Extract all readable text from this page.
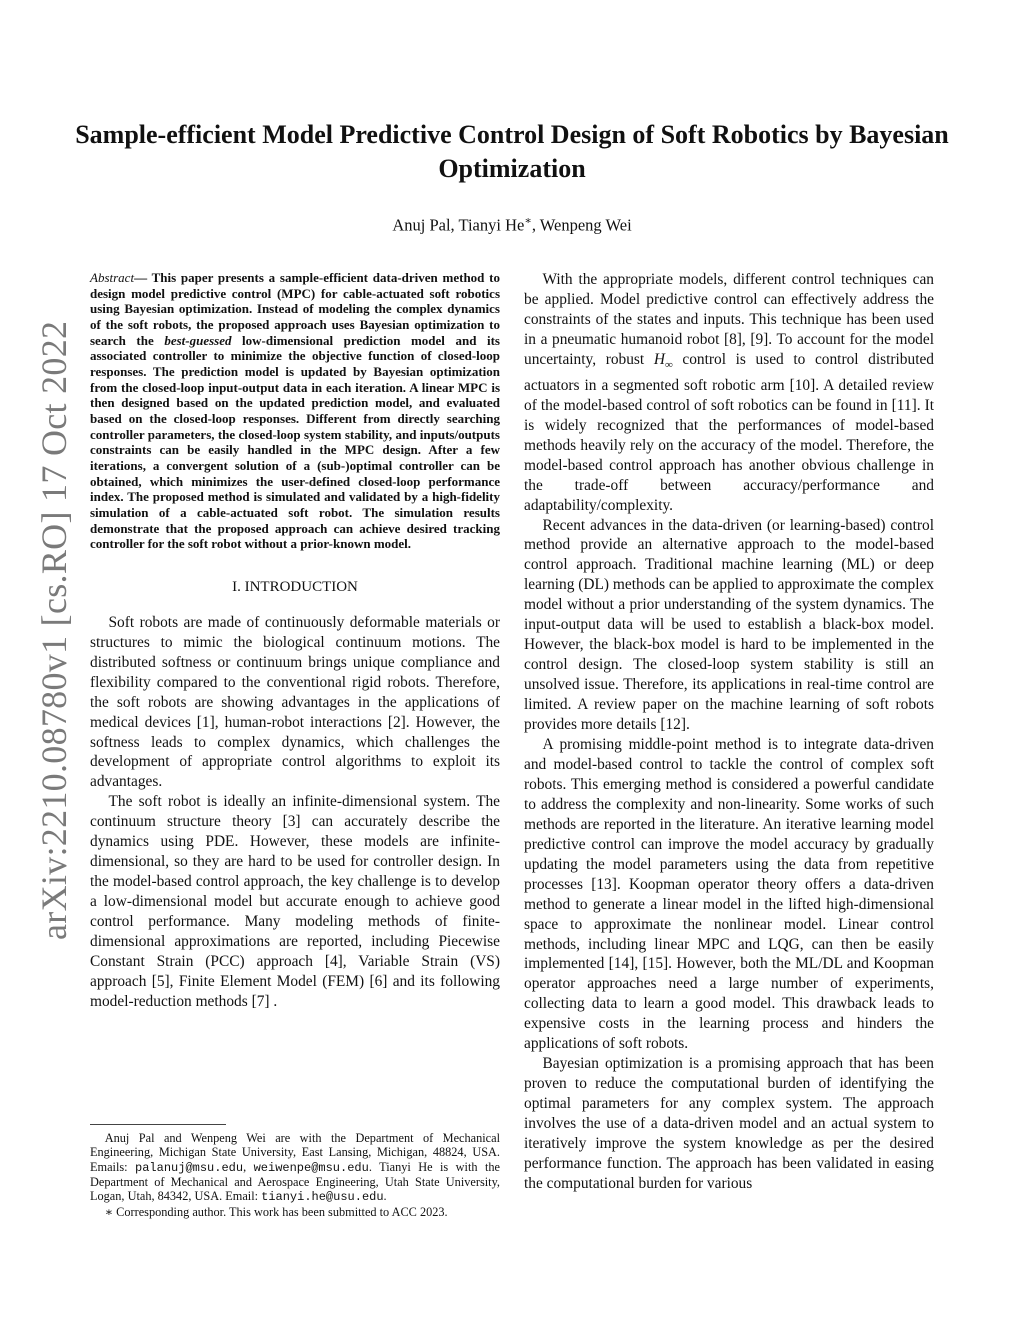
arXiv:2210.08780v1 [cs.RO] 17 Oct 2022
Sample-efficient Model Predictive Control Design of Soft Robotics by Bayesian Optimization
Anuj Pal, Tianyi He∗, Wenpeng Wei

Abstract— This paper presents a sample-efficient data-driven method to design model predictive control (MPC) for cable-actuated soft robotics using Bayesian optimization. Instead of modeling the complex dynamics of the soft robots, the proposed approach uses Bayesian optimization to search the best-guessed low-dimensional prediction model and its associated controller to minimize the objective function of closed-loop responses. The prediction model is updated by Bayesian optimization from the closed-loop input-output data in each iteration. A linear MPC is then designed based on the updated prediction model, and evaluated based on the closed-loop responses. Different from directly searching controller parameters, the closed-loop system stability, and inputs/outputs constraints can be easily handled in the MPC design. After a few iterations, a convergent solution of a (sub-)optimal controller can be obtained, which minimizes the user-defined closed-loop performance index. The proposed method is simulated and validated by a high-fidelity simulation of a cable-actuated soft robot. The simulation results demonstrate that the proposed approach can achieve desired tracking controller for the soft robot without a prior-known model.

I. INTRODUCTION

Soft robots are made of continuously deformable materials or structures to mimic the biological continuum motions. The distributed softness or continuum brings unique compliance and flexibility compared to the conventional rigid robots. Therefore, the soft robots are showing advantages in the applications of medical devices [1], human-robot interactions [2]. However, the softness leads to complex dynamics, which challenges the development of appropriate control algorithms to exploit its advantages.

The soft robot is ideally an infinite-dimensional system. The continuum structure theory [3] can accurately describe the dynamics using PDE. However, these models are infinite-dimensional, so they are hard to be used for controller design. In the model-based control approach, the key challenge is to develop a low-dimensional model but accurate enough to achieve good control performance. Many modeling methods of finite-dimensional approximations are reported, including Piecewise Constant Strain (PCC) approach [4], Variable Strain (VS) approach [5], Finite Element Model (FEM) [6] and its following model-reduction methods [7] .

Anuj Pal and Wenpeng Wei are with the Department of Mechanical Engineering, Michigan State University, East Lansing, Michigan, 48824, USA. Emails: palanuj@msu.edu, weiwenpe@msu.edu. Tianyi He is with the Department of Mechanical and Aerospace Engineering, Utah State University, Logan, Utah, 84342, USA. Email: tianyi.he@usu.edu.

∗ Corresponding author. This work has been submitted to ACC 2023.

With the appropriate models, different control techniques can be applied. Model predictive control can effectively address the constraints of the states and inputs. This technique has been used in a pneumatic humanoid robot [8], [9]. To account for the model uncertainty, robust $H_\infty$ control is used to control distributed actuators in a segmented soft robotic arm [10]. A detailed review of the model-based control of soft robotics can be found in [11]. It is widely recognized that the performances of model-based methods heavily rely on the accuracy of the model. Therefore, the model-based control approach has another obvious challenge in the trade-off between accuracy/performance and adaptability/complexity.

Recent advances in the data-driven (or learning-based) control method provide an alternative approach to the model-based control approach. Traditional machine learning (ML) or deep learning (DL) methods can be applied to approximate the complex model without a prior understanding of the system dynamics. The input-output data will be used to establish a black-box model. However, the black-box model is hard to be implemented in the control design. The closed-loop system stability is still an unsolved issue. Therefore, its applications in real-time control are limited. A review paper on the machine learning of soft robots provides more details [12].

A promising middle-point method is to integrate data-driven and model-based control to tackle the control of complex soft robots. This emerging method is considered a powerful candidate to address the complexity and non-linearity. Some works of such methods are reported in the literature. An iterative learning model predictive control can improve the model accuracy by gradually updating the model parameters using the data from repetitive processes [13]. Koopman operator theory offers a data-driven method to generate a linear model in the lifted high-dimensional space to approximate the nonlinear model. Linear control methods, including linear MPC and LQG, can then be easily implemented [14], [15]. However, both the ML/DL and Koopman operator approaches need a large number of experiments, collecting data to learn a good model. This drawback leads to expensive costs in the learning process and hinders the applications of soft robots.

Bayesian optimization is a promising approach that has been proven to reduce the computational burden of identifying the optimal parameters for any complex system. The approach involves the use of a data-driven model and an actual system to iteratively improve the system knowledge as per the desired performance function. The approach has been validated in easing the computational burden for various
